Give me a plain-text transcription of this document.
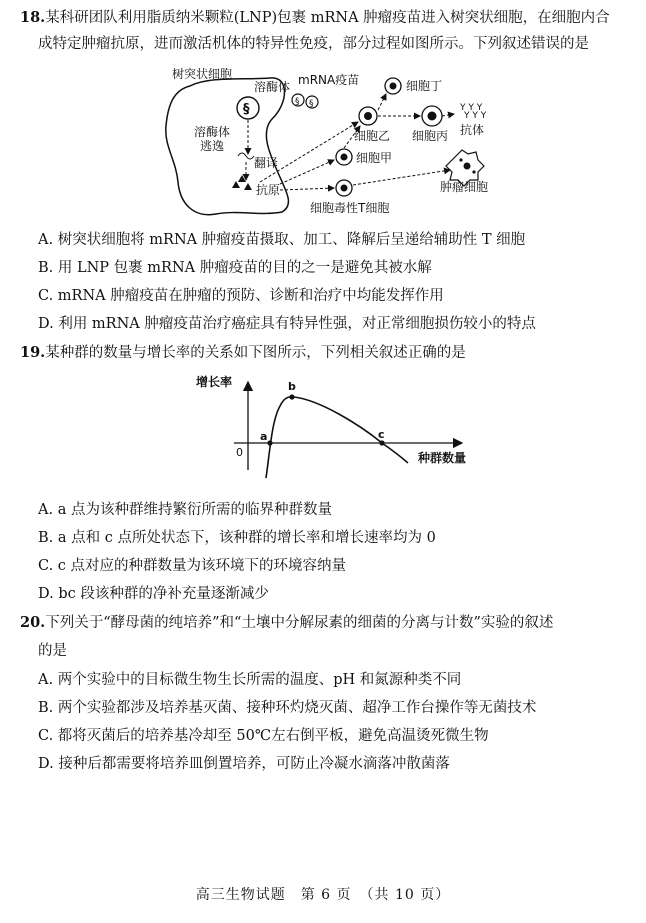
18.某科研团队利用脂质纳米颗粒(LNP)包裹 mRNA 肿瘤疫苗进入树突状细胞，在细胞内合
成特定肿瘤抗原，进而激活机体的特异性免疫，部分过程如图所示。下列叙述错误的是
树突状细胞
§
溶酶体
§ §
mRNA疫苗
溶酶体
逃逸
翻译
抗原
细胞丁
细胞乙 细胞丙
Y Y Y
Y Y Y
抗体
细胞甲
肿瘤细胞
细胞毒性T细胞
A. 树突状细胞将 mRNA 肿瘤疫苗摄取、加工、降解后呈递给辅助性 T 细胞
B. 用 LNP 包裹 mRNA 肿瘤疫苗的目的之一是避免其被水解
C. mRNA 肿瘤疫苗在肿瘤的预防、诊断和治疗中均能发挥作用
D. 利用 mRNA 肿瘤疫苗治疗癌症具有特异性强，对正常细胞损伤较小的特点
19.某种群的数量与增长率的关系如下图所示，下列相关叙述正确的是
增长率
种群数量
0
a
b
c
A. a 点为该种群维持繁衍所需的临界种群数量
B. a 点和 c 点所处状态下，该种群的增长率和增长速率均为 0
C. c 点对应的种群数量为该环境下的环境容纳量
D. bc 段该种群的净补充量逐渐减少
20.下列关于“酵母菌的纯培养”和“土壤中分解尿素的细菌的分离与计数”实验的叙述
的是
A. 两个实验中的目标微生物生长所需的温度、pH 和氮源种类不同
B. 两个实验都涉及培养基灭菌、接种环灼烧灭菌、超净工作台操作等无菌技术
C. 都将灭菌后的培养基冷却至 50℃左右倒平板，避免高温烫死微生物
D. 接种后都需要将培养皿倒置培养，可防止冷凝水滴落冲散菌落
高三生物试题　第 6 页　（共 10 页）
